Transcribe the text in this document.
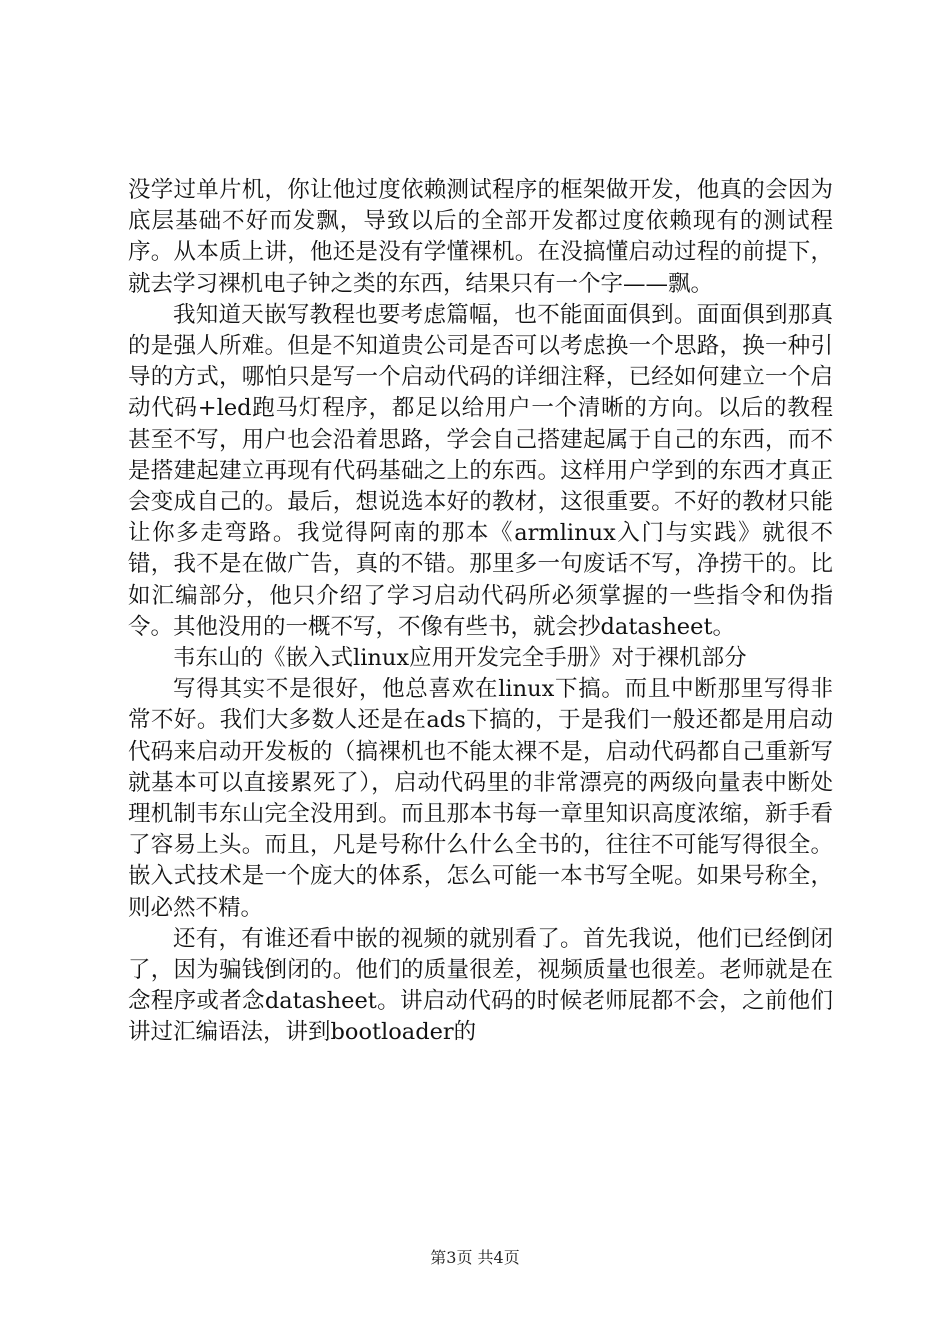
没学过单片机，你让他过度依赖测试程序的框架做开发，他真的会因为底层基础不好而发飘，导致以后的全部开发都过度依赖现有的测试程序。从本质上讲，他还是没有学懂裸机。在没搞懂启动过程的前提下，就去学习裸机电子钟之类的东西，结果只有一个字——飘。

我知道天嵌写教程也要考虑篇幅，也不能面面俱到。面面俱到那真的是强人所难。但是不知道贵公司是否可以考虑换一个思路，换一种引导的方式，哪怕只是写一个启动代码的详细注释，已经如何建立一个启动代码+led跑马灯程序，都足以给用户一个清晰的方向。以后的教程甚至不写，用户也会沿着思路，学会自己搭建起属于自己的东西，而不是搭建起建立再现有代码基础之上的东西。这样用户学到的东西才真正会变成自己的。最后，想说选本好的教材，这很重要。不好的教材只能让你多走弯路。我觉得阿南的那本《armlinux入门与实践》就很不错，我不是在做广告，真的不错。那里多一句废话不写，净捞干的。比如汇编部分，他只介绍了学习启动代码所必须掌握的一些指令和伪指令。其他没用的一概不写，不像有些书，就会抄datasheet。

韦东山的《嵌入式linux应用开发完全手册》对于裸机部分

写得其实不是很好，他总喜欢在linux下搞。而且中断那里写得非常不好。我们大多数人还是在ads下搞的，于是我们一般还都是用启动代码来启动开发板的（搞裸机也不能太裸不是，启动代码都自己重新写就基本可以直接累死了），启动代码里的非常漂亮的两级向量表中断处理机制韦东山完全没用到。而且那本书每一章里知识高度浓缩，新手看了容易上头。而且，凡是号称什么什么全书的，往往不可能写得很全。嵌入式技术是一个庞大的体系，怎么可能一本书写全呢。如果号称全，则必然不精。

还有，有谁还看中嵌的视频的就别看了。首先我说，他们已经倒闭了，因为骗钱倒闭的。他们的质量很差，视频质量也很差。老师就是在念程序或者念datasheet。讲启动代码的时候老师屁都不会，之前他们讲过汇编语法，讲到bootloader的

第3页 共4页
